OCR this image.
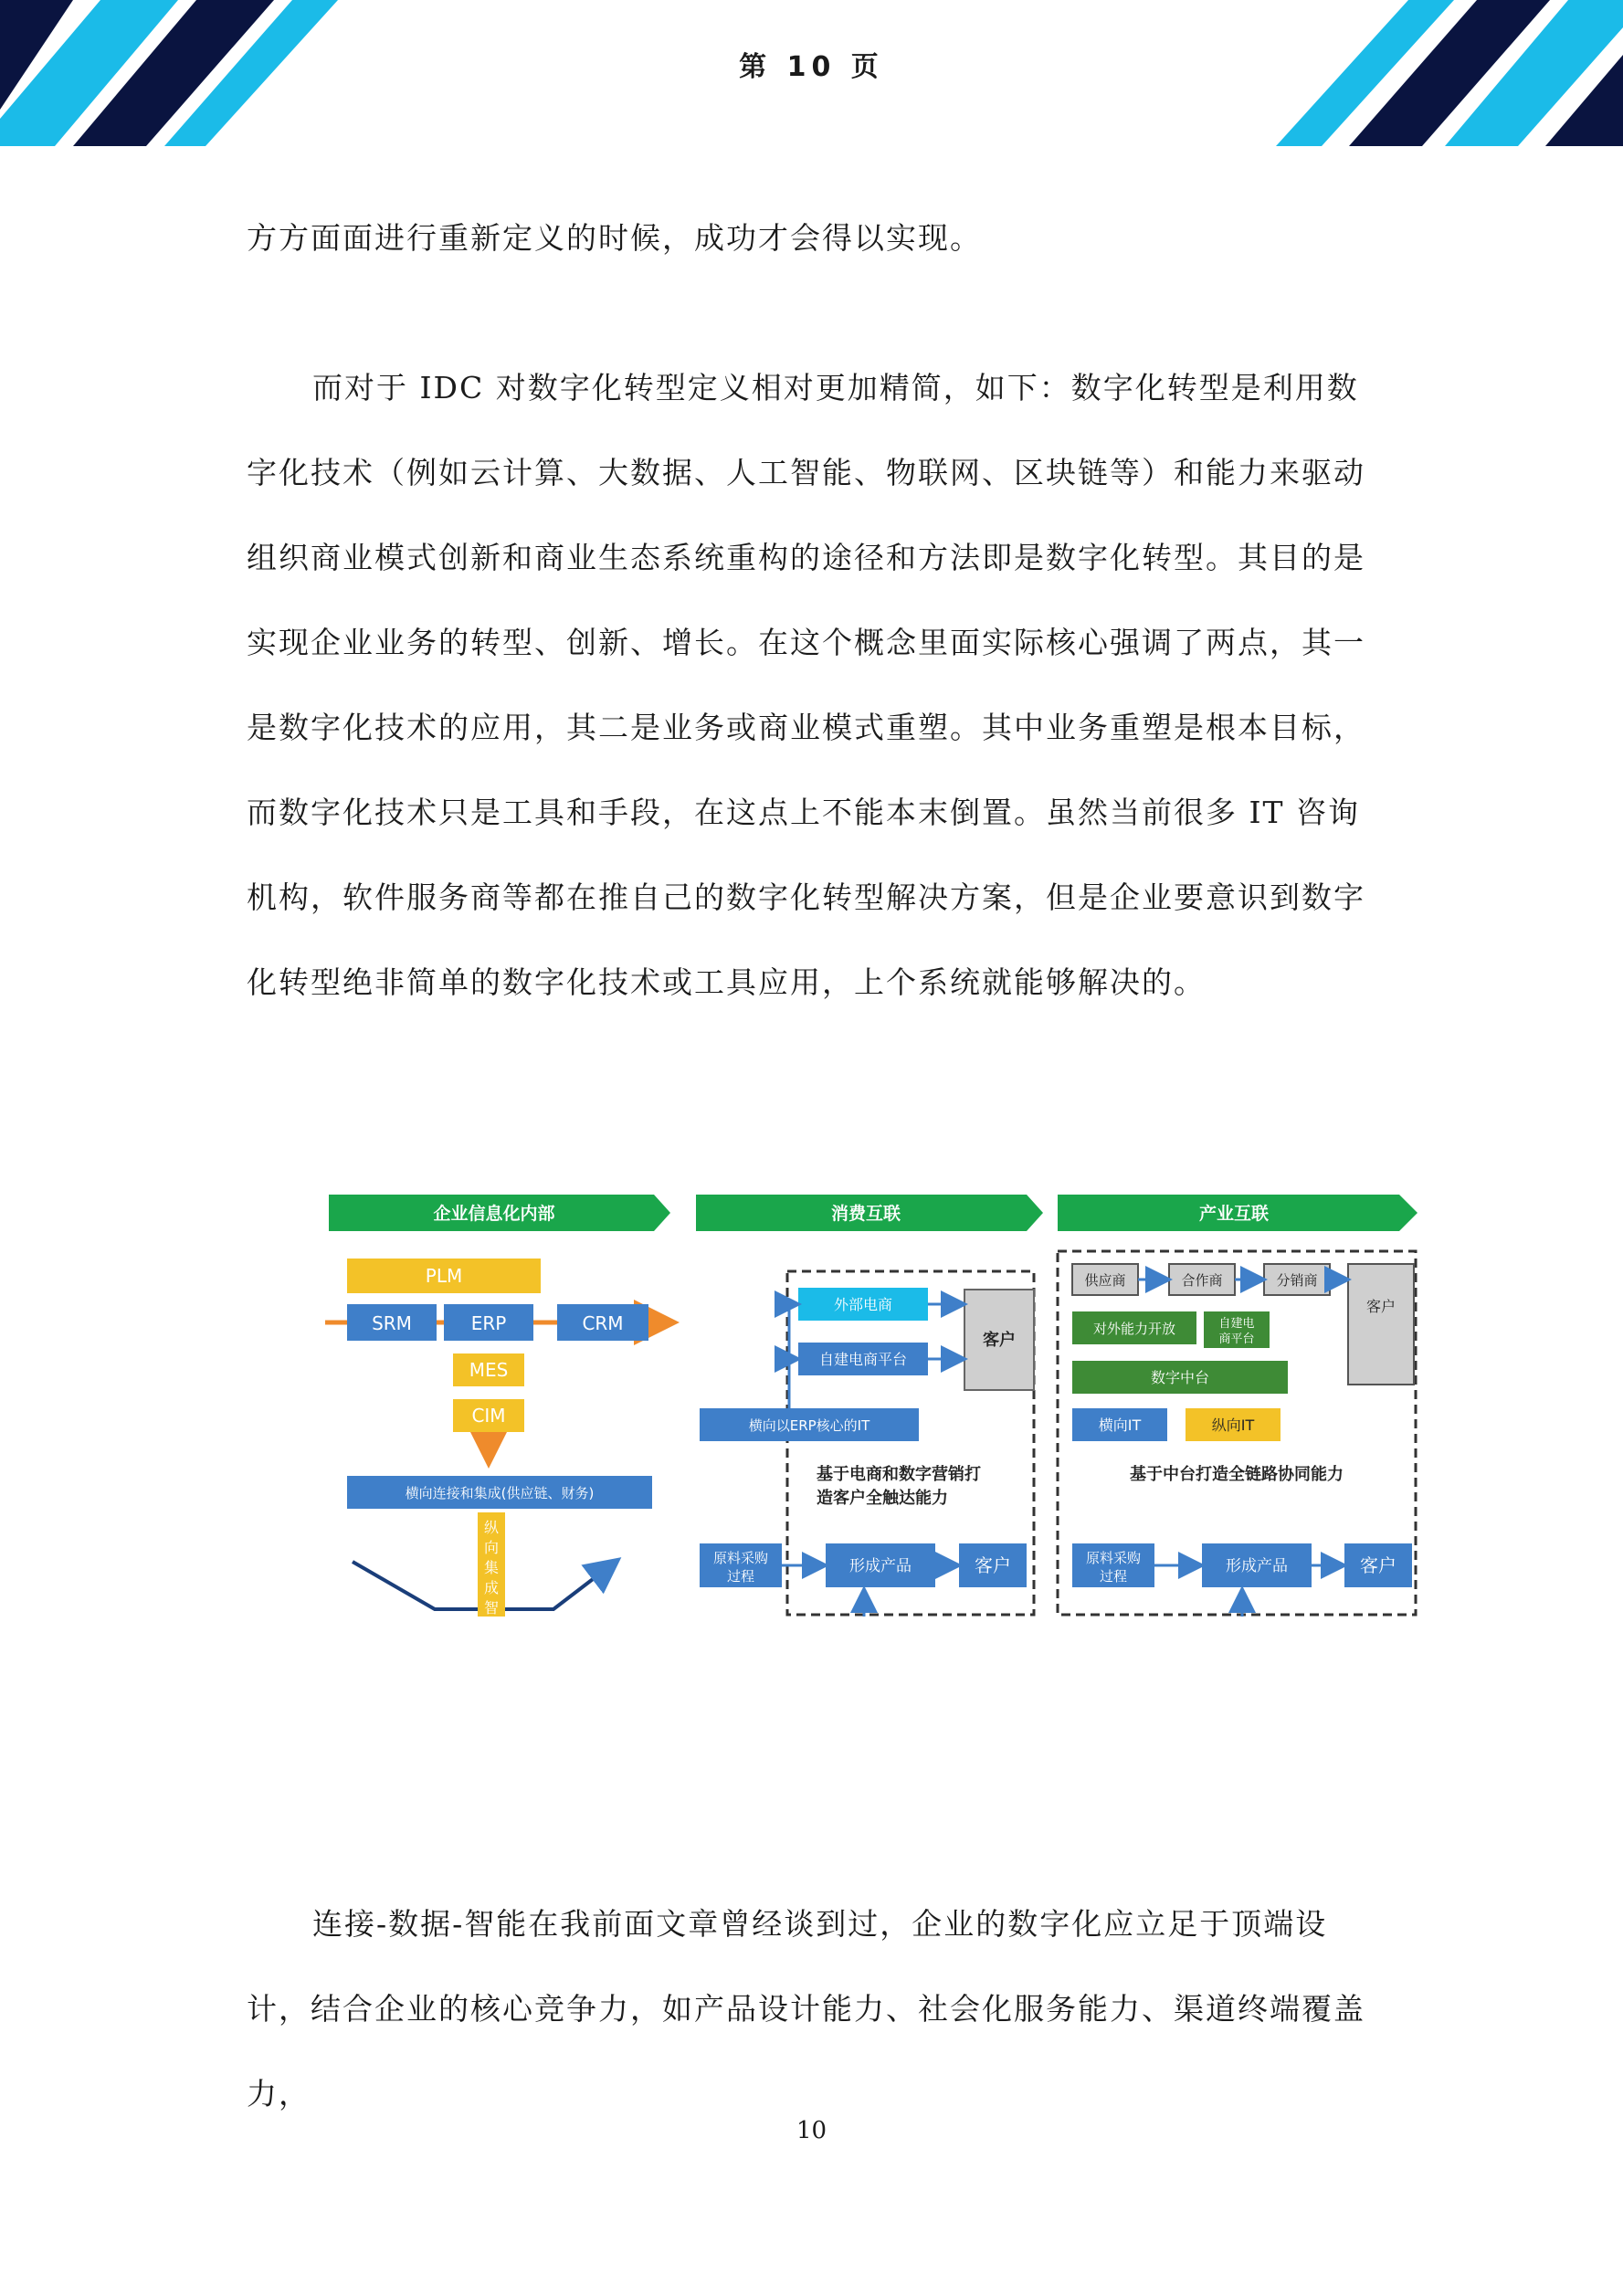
第 10 页

方方面面进行重新定义的时候，成功才会得以实现。

而对于 IDC 对数字化转型定义相对更加精简，如下：数字化转型是利用数字化技术（例如云计算、大数据、人工智能、物联网、区块链等）和能力来驱动组织商业模式创新和商业生态系统重构的途径和方法即是数字化转型。其目的是实现企业业务的转型、创新、增长。在这个概念里面实际核心强调了两点，其一是数字化技术的应用，其二是业务或商业模式重塑。其中业务重塑是根本目标，而数字化技术只是工具和手段，在这点上不能本末倒置。虽然当前很多 IT 咨询机构，软件服务商等都在推自己的数字化转型解决方案，但是企业要意识到数字化转型绝非简单的数字化技术或工具应用，上个系统就能够解决的。

企业信息化内部
PLM
SRM	ERP	CRM
MES
CIM
横向连接和集成(供应链、财务)
纵
向
集
成
智
消费互联
外部电商
自建电商平台
客户
横向以ERP核心的IT
基于电商和数字营销打
造客户全触达能力
原料采购
过程
形成产品	客户
产业互联
供应商	合作商	分销商
客户
对外能力开放	自建电
商平台
数字中台
横向IT	纵向IT
基于中台打造全链路协同能力
原料采购
过程
形成产品	客户

连接-数据-智能在我前面文章曾经谈到过，企业的数字化应立足于顶端设计，结合企业的核心竞争力，如产品设计能力、社会化服务能力、渠道终端覆盖力，

10
